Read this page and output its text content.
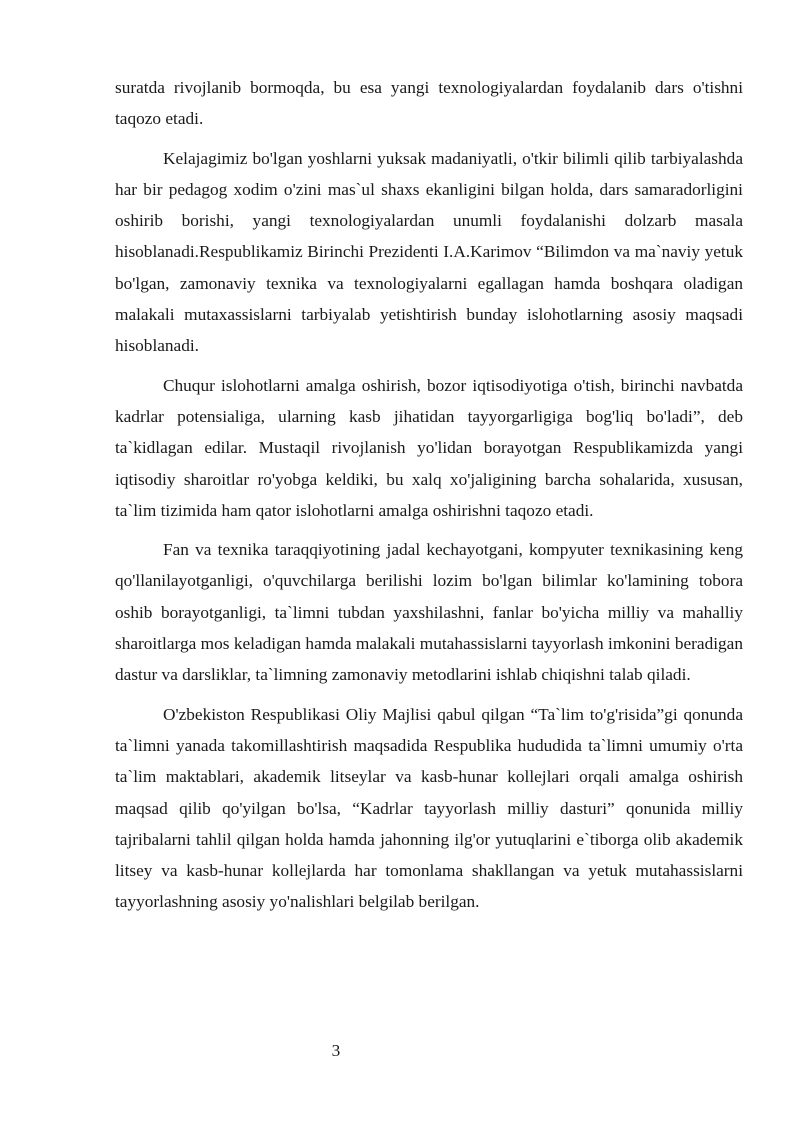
suratda rivojlanib bormoqda, bu esa yangi texnologiyalardan foydalanib dars o'tishni taqozo etadi.

Kelajagimiz bo'lgan yoshlarni yuksak madaniyatli, o'tkir bilimli qilib tarbiyalashda har bir pedagog xodim o'zini mas`ul shaxs ekanligini bilgan holda, dars samaradorligini oshirib borishi, yangi texnologiyalardan unumli foydalanishi dolzarb masala hisoblanadi.Respublikamiz Birinchi Prezidenti I.A.Karimov “Bilimdon va ma`naviy yetuk bo'lgan, zamonaviy texnika va texnologiyalarni egallagan hamda boshqara oladigan malakali mutaxassislarni tarbiyalab yetishtirish bunday islohotlarning asosiy maqsadi hisoblanadi.

Chuqur islohotlarni amalga oshirish, bozor iqtisodiyotiga o'tish, birinchi navbatda kadrlar potensialiga, ularning kasb jihatidan tayyorgarligiga bog'liq bo'ladi”, deb ta`kidlagan edilar. Mustaqil rivojlanish yo'lidan borayotgan Respublikamizda yangi iqtisodiy sharoitlar ro'yobga keldiki, bu xalq xo'jaligining barcha sohalarida, xususan, ta`lim tizimida ham qator islohotlarni amalga oshirishni taqozo etadi.

Fan va texnika taraqqiyotining jadal kechayotgani, kompyuter texnikasining keng qo'llanilayotganligi, o'quvchilarga berilishi lozim bo'lgan bilimlar ko'lamining tobora oshib borayotganligi, ta`limni tubdan yaxshilashni, fanlar bo'yicha milliy va mahalliy sharoitlarga mos keladigan hamda malakali mutahassislarni tayyorlash imkonini beradigan dastur va darsliklar, ta`limning zamonaviy metodlarini ishlab chiqishni talab qiladi.

O'zbekiston Respublikasi Oliy Majlisi qabul qilgan “Ta`lim to'g'risida”gi qonunda ta`limni yanada takomillashtirish maqsadida Respublika hududida ta`limni umumiy o'rta ta`lim maktablari, akademik litseylar va kasb-hunar kollejlari orqali amalga oshirish maqsad qilib qo'yilgan bo'lsa, “Kadrlar tayyorlash milliy dasturi” qonunida milliy tajribalarni tahlil qilgan holda hamda jahonning ilg'or yutuqlarini e`tiborga olib akademik litsey va kasb-hunar kollejlarda har tomonlama shakllangan va yetuk mutahassislarni tayyorlashning asosiy yo'nalishlari belgilab berilgan.

3
